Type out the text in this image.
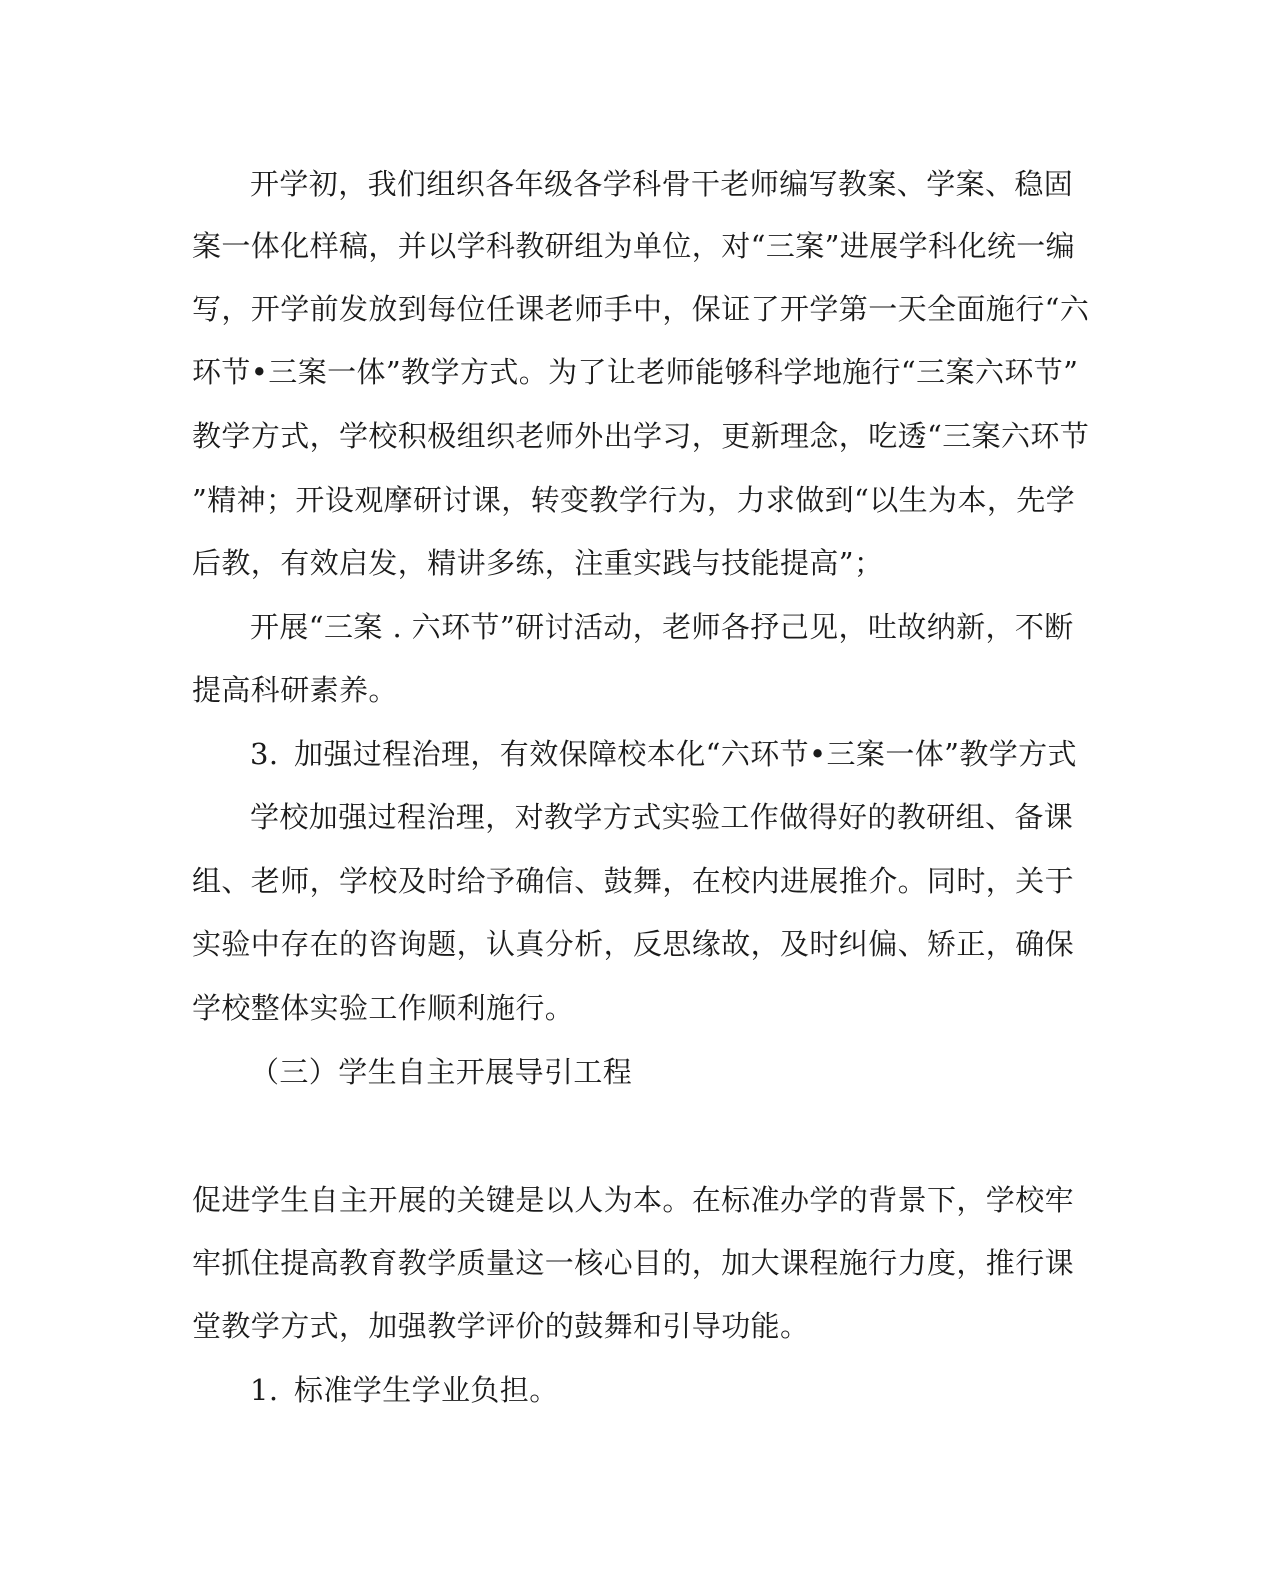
开学初，我们组织各年级各学科骨干老师编写教案、学案、稳固

案一体化样稿，并以学科教研组为单位，对“三案”进展学科化统一编

写，开学前发放到每位任课老师手中，保证了开学第一天全面施行“六

环节•三案一体”教学方式。为了让老师能够科学地施行“三案六环节”

教学方式，学校积极组织老师外出学习，更新理念，吃透“三案六环节

”精神；开设观摩研讨课，转变教学行为，力求做到“以生为本，先学

后教，有效启发，精讲多练，注重实践与技能提高”；

开展“三案 . 六环节”研讨活动，老师各抒己见，吐故纳新，不断

提高科研素养。

3. 加强过程治理，有效保障校本化“六环节•三案一体”教学方式

学校加强过程治理，对教学方式实验工作做得好的教研组、备课

组、老师，学校及时给予确信、鼓舞，在校内进展推介。同时，关于

实验中存在的咨询题，认真分析，反思缘故，及时纠偏、矫正，确保

学校整体实验工作顺利施行。

（三）学生自主开展导引工程

促进学生自主开展的关键是以人为本。在标准办学的背景下，学校牢

牢抓住提高教育教学质量这一核心目的，加大课程施行力度，推行课

堂教学方式，加强教学评价的鼓舞和引导功能。

1. 标准学生学业负担。
